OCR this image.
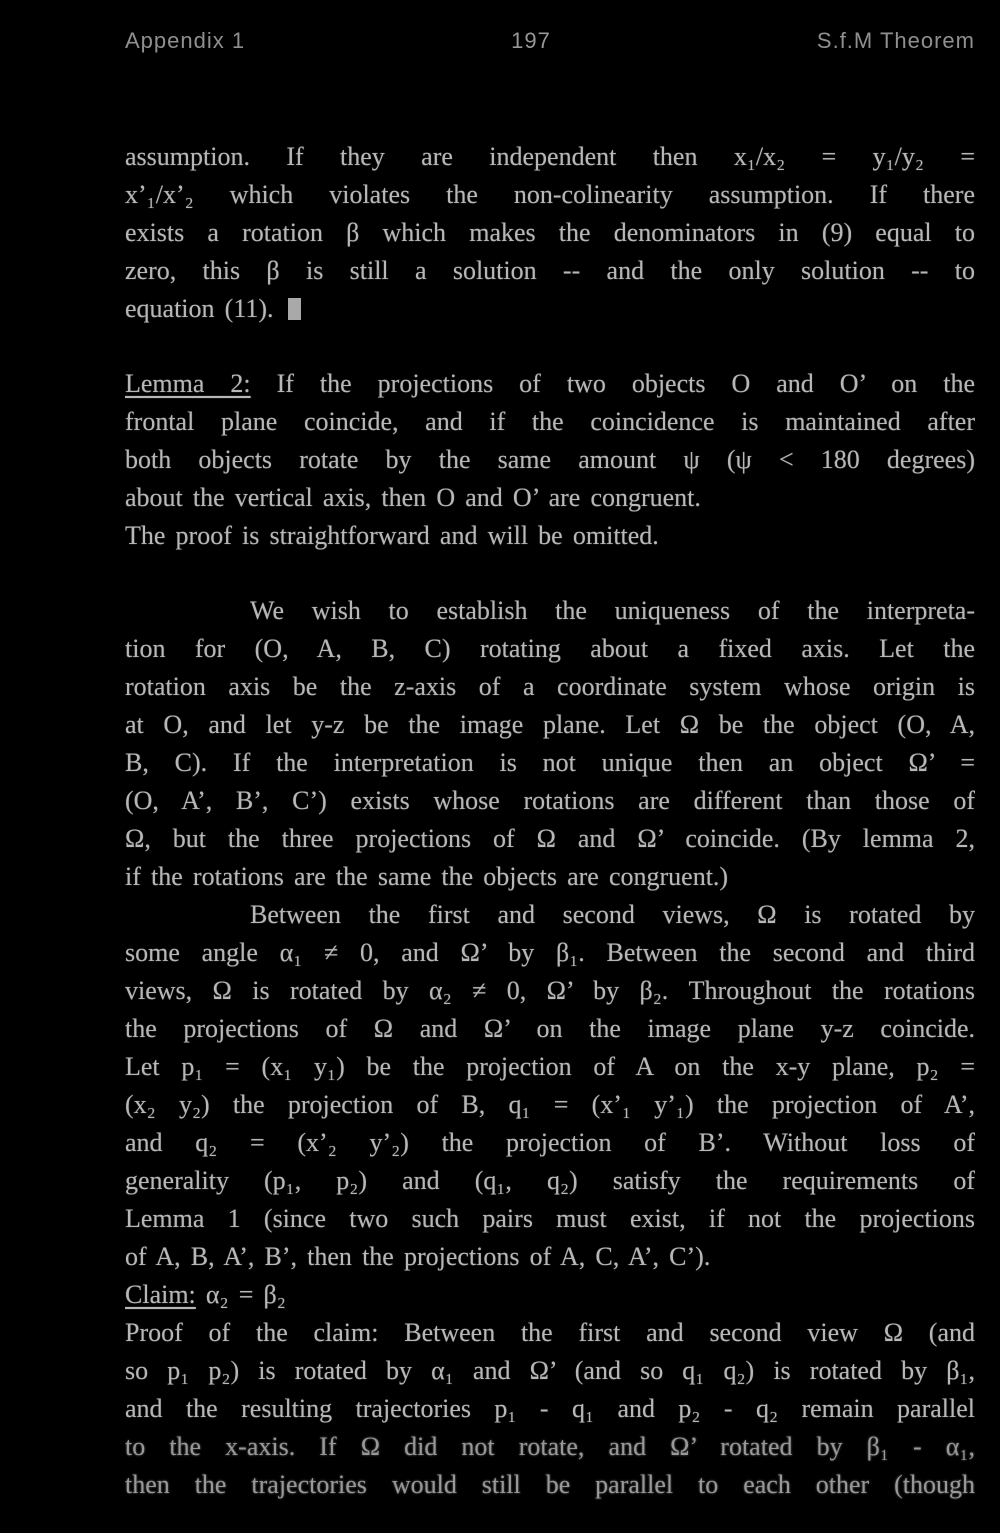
Appendix 1	197	S.f.M Theorem
assumption. If they are independent then x₁/x₂ = y₁/y₂ =
x’₁/x’₂ which violates the non-colinearity assumption. If there
exists a rotation β which makes the denominators in (9) equal to
zero, this β is still a solution -- and the only solution -- to
equation (11).
Lemma 2: If the projections of two objects O and O’ on the
frontal plane coincide, and if the coincidence is maintained after
both objects rotate by the same amount ψ (ψ < 180 degrees)
about the vertical axis, then O and O’ are congruent.
The proof is straightforward and will be omitted.
We wish to establish the uniqueness of the interpreta-
tion for (O, A, B, C) rotating about a fixed axis. Let the
rotation axis be the z-axis of a coordinate system whose origin is
at O, and let y-z be the image plane. Let Ω be the object (O, A,
B, C). If the interpretation is not unique then an object Ω’ =
(O, A’, B’, C’) exists whose rotations are different than those of
Ω, but the three projections of Ω and Ω’ coincide. (By lemma 2,
if the rotations are the same the objects are congruent.)
Between the first and second views, Ω is rotated by
some angle α₁ ≠ 0, and Ω’ by β₁. Between the second and third
views, Ω is rotated by α₂ ≠ 0, Ω’ by β₂. Throughout the rotations
the projections of Ω and Ω’ on the image plane y-z coincide.
Let p₁ = (x₁ y₁) be the projection of A on the x-y plane, p₂ =
(x₂ y₂) the projection of B, q₁ = (x’₁ y’₁) the projection of A’,
and q₂ = (x’₂ y’₂) the projection of B’. Without loss of
generality (p₁, p₂) and (q₁, q₂) satisfy the requirements of
Lemma 1 (since two such pairs must exist, if not the projections
of A, B, A’, B’, then the projections of A, C, A’, C’).
Claim: α₂ = β₂
Proof of the claim: Between the first and second view Ω (and
so p₁ p₂) is rotated by α₁ and Ω’ (and so q₁ q₂) is rotated by β₁,
and the resulting trajectories p₁ - q₁ and p₂ - q₂ remain parallel
to the x-axis. If Ω did not rotate, and Ω’ rotated by β₁ - α₁,
then the trajectories would still be parallel to each other (though
